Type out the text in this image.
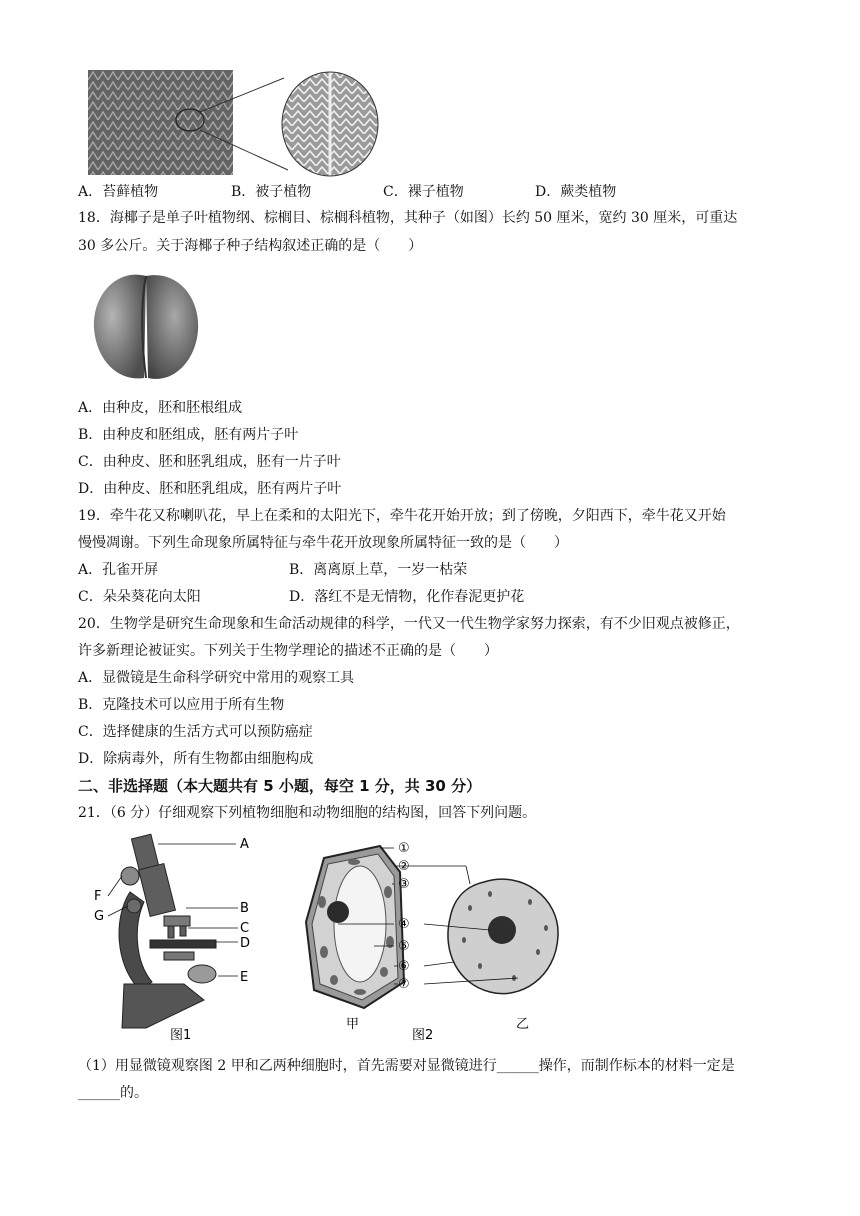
A．苔藓植物	B．被子植物	C．裸子植物	D．蕨类植物
18．海椰子是单子叶植物纲、棕榈目、棕榈科植物，其种子（如图）长约 50 厘米，宽约 30 厘米，可重达
30 多公斤。关于海椰子种子结构叙述正确的是（　　）
A．由种皮，胚和胚根组成
B．由种皮和胚组成，胚有两片子叶
C．由种皮、胚和胚乳组成，胚有一片子叶
D．由种皮、胚和胚乳组成，胚有两片子叶
19．牵牛花又称喇叭花，早上在柔和的太阳光下，牵牛花开始开放；到了傍晚，夕阳西下，牵牛花又开始
慢慢凋谢。下列生命现象所属特征与牵牛花开放现象所属特征一致的是（　　）
A．孔雀开屏	B．离离原上草，一岁一枯荣
C．朵朵葵花向太阳	D．落红不是无情物，化作春泥更护花
20．生物学是研究生命现象和生命活动规律的科学，一代又一代生物学家努力探索，有不少旧观点被修正，
许多新理论被证实。下列关于生物学理论的描述不正确的是（　　）
A．显微镜是生命科学研究中常用的观察工具
B．克隆技术可以应用于所有生物
C．选择健康的生活方式可以预防癌症
D．除病毒外，所有生物都由细胞构成
二、非选择题（本大题共有 5 小题，每空 1 分，共 30 分）
21．（6 分）仔细观察下列植物细胞和动物细胞的结构图，回答下列问题。
A
B
C
D
E
F
G
图1
①
②
③
④
⑤
⑥
⑦
甲
图2
乙
（1）用显微镜观察图 2 甲和乙两种细胞时，首先需要对显微镜进行______操作，而制作标本的材料一定是
______的。
